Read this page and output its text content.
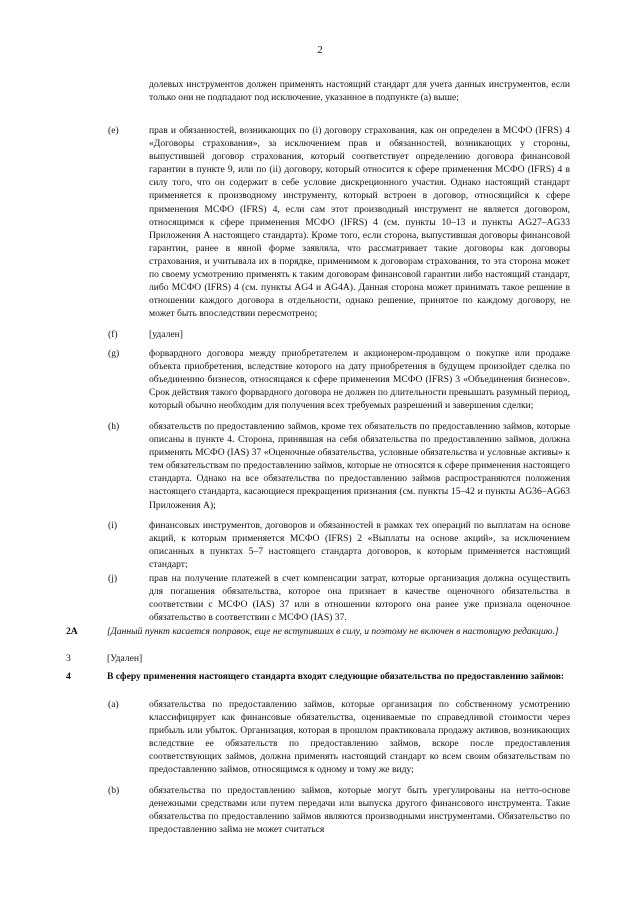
2
долевых инструментов должен применять настоящий стандарт для учета данных инструментов, если только они не подпадают под исключение, указанное в подпункте (a) выше;
(e)	прав и обязанностей, возникающих по (i) договору страхования, как он определен в МСФО (IFRS) 4 «Договоры страхования», за исключением прав и обязанностей, возникающих у стороны, выпустившей договор страхования, который соответствует определению договора финансовой гарантии в пункте 9, или по (ii) договору, который относится к сфере применения МСФО (IFRS) 4 в силу того, что он содержит в себе условие дискреционного участия. Однако настоящий стандарт применяется к производному инструменту, который встроен в договор, относящийся к сфере применения МСФО (IFRS) 4, если сам этот производный инструмент не является договором, относящимся к сфере применения МСФО (IFRS) 4 (см. пункты 10–13 и пункты AG27–AG33 Приложения А настоящего стандарта). Кроме того, если сторона, выпустившая договоры финансовой гарантии, ранее в явной форме заявляла, что рассматривает такие договоры как договоры страхования, и учитывала их в порядке, применимом к договорам страхования, то эта сторона может по своему усмотрению применять к таким договорам финансовой гарантии либо настоящий стандарт, либо МСФО (IFRS) 4 (см. пункты AG4 и AG4A). Данная сторона может принимать такое решение в отношении каждого договора в отдельности, однако решение, принятое по каждому договору, не может быть впоследствии пересмотрено;
(f)	[удален]
(g)	форвардного договора между приобретателем и акционером-продавцом о покупке или продаже объекта приобретения, вследствие которого на дату приобретения в будущем произойдет сделка по объединению бизнесов, относящаяся к сфере применения МСФО (IFRS) 3 «Объединения бизнесов». Срок действия такого форвардного договора не должен по длительности превышать разумный период, который обычно необходим для получения всех требуемых разрешений и завершения сделки;
(h)	обязательств по предоставлению займов, кроме тех обязательств по предоставлению займов, которые описаны в пункте 4. Сторона, принявшая на себя обязательства по предоставлению займов, должна применять МСФО (IAS) 37 «Оценочные обязательства, условные обязательства и условные активы» к тем обязательствам по предоставлению займов, которые не относятся к сфере применения настоящего стандарта. Однако на все обязательства по предоставлению займов распространяются положения настоящего стандарта, касающиеся прекращения признания (см. пункты 15–42 и пункты AG36–AG63 Приложения А);
(i)	финансовых инструментов, договоров и обязанностей в рамках тех операций по выплатам на основе акций, к которым применяется МСФО (IFRS) 2 «Выплаты на основе акций», за исключением описанных в пунктах 5–7 настоящего стандарта договоров, к которым применяется настоящий стандарт;
(j)	прав на получение платежей в счет компенсации затрат, которые организация должна осуществить для погашения обязательства, которое она признает в качестве оценочного обязательства в соответствии с МСФО (IAS) 37 или в отношении которого она ранее уже признала оценочное обязательство в соответствии с МСФО (IAS) 37.
2A	[Данный пункт касается поправок, еще не вступивших в силу, и поэтому не включен в настоящую редакцию.]
3	[Удален]
4	В сферу применения настоящего стандарта входят следующие обязательства по предоставлению займов:
(a)	обязательства по предоставлению займов, которые организация по собственному усмотрению классифицирует как финансовые обязательства, оцениваемые по справедливой стоимости через прибыль или убыток. Организация, которая в прошлом практиковала продажу активов, возникающих вследствие ее обязательств по предоставлению займов, вскоре после предоставления соответствующих займов, должна применять настоящий стандарт ко всем своим обязательствам по предоставлению займов, относящимся к одному и тому же виду;
(b)	обязательства по предоставлению займов, которые могут быть урегулированы на нетто-основе денежными средствами или путем передачи или выпуска другого финансового инструмента. Такие обязательства по предоставлению займов являются производными инструментами. Обязательство по предоставлению займа не может считаться
